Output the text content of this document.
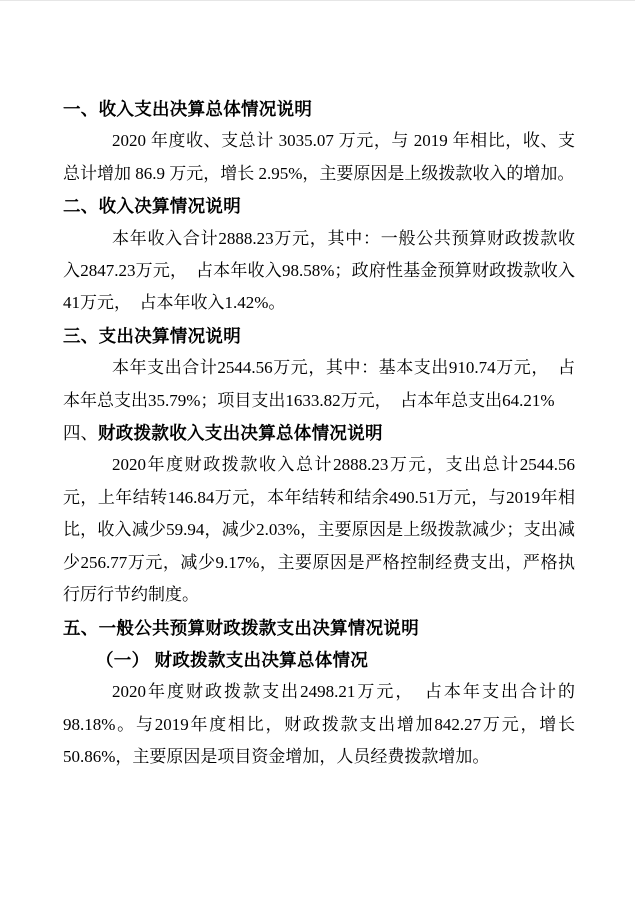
一、收入支出决算总体情况说明

2020 年度收、支总计 3035.07 万元，与 2019 年相比，收、支总计增加 86.9 万元，增长 2.95%，主要原因是上级拨款收入的增加。

二、收入决算情况说明

本年收入合计2888.23万元，其中：一般公共预算财政拨款收入2847.23万元，　占本年收入98.58%；政府性基金预算财政拨款收入41万元，　占本年收入1.42%。

三、支出决算情况说明

本年支出合计2544.56万元，其中：基本支出910.74万元，　占本年总支出35.79%；项目支出1633.82万元，　占本年总支出64.21%

四、财政拨款收入支出决算总体情况说明

2020年度财政拨款收入总计2888.23万元，支出总计2544.56元，上年结转146.84万元，本年结转和结余490.51万元，与2019年相比，收入减少59.94，减少2.03%，主要原因是上级拨款减少；支出减少256.77万元，减少9.17%，主要原因是严格控制经费支出，严格执行厉行节约制度。

五、一般公共预算财政拨款支出决算情况说明
（一） 财政拨款支出决算总体情况

2020年度财政拨款支出2498.21万元，　占本年支出合计的98.18%。与2019年度相比，财政拨款支出增加842.27万元，增长50.86%，主要原因是项目资金增加，人员经费拨款增加。
